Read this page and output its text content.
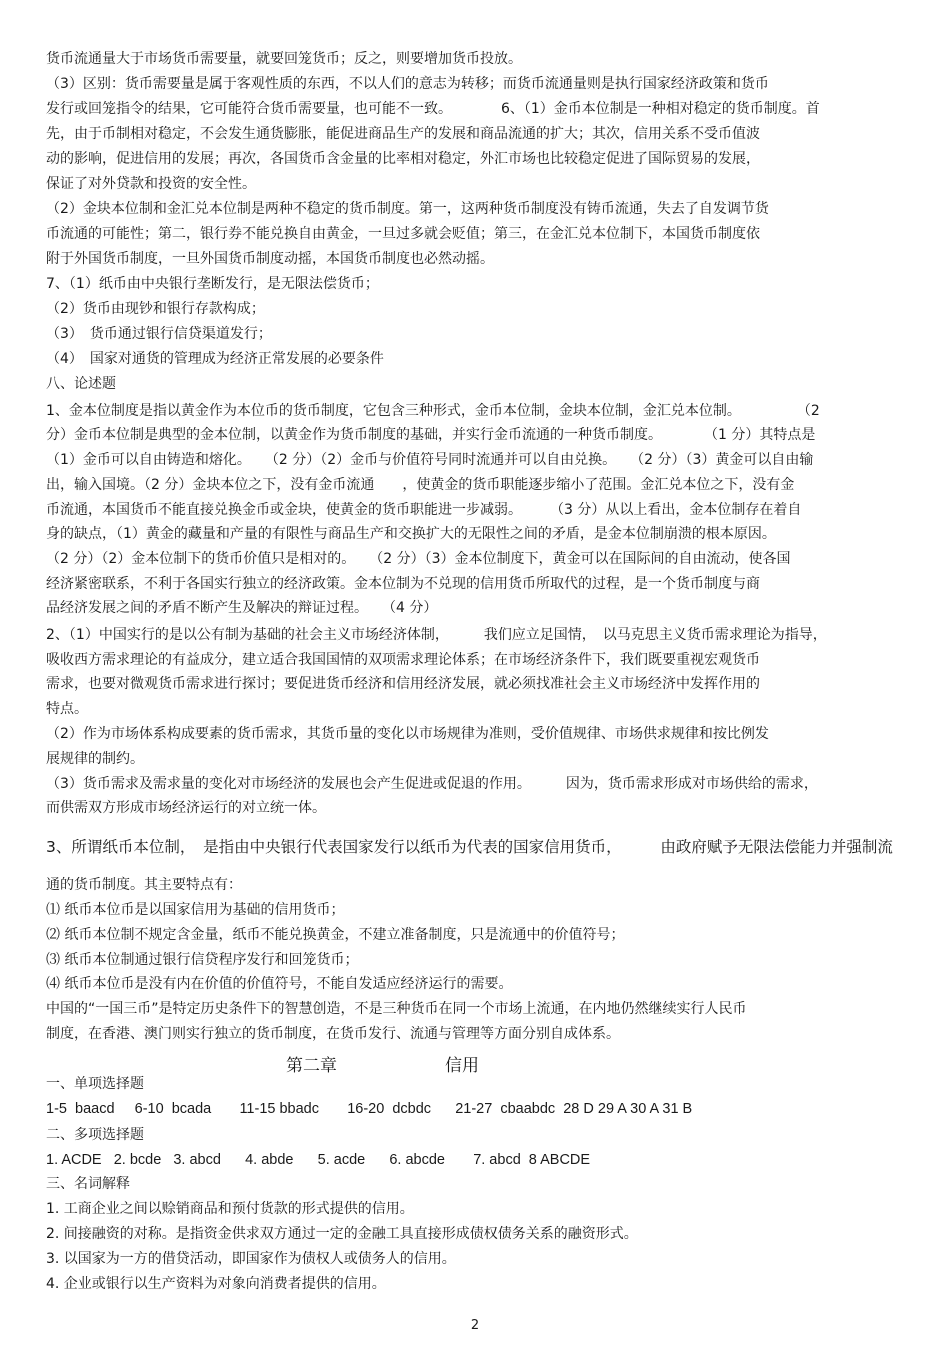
货币流通量大于市场货币需要量，就要回笼货币；反之，则要增加货币投放。
（3）区别：货币需要量是属于客观性质的东西，不以人们的意志为转移；而货币流通量则是执行国家经济政策和货币
发行或回笼指令的结果，它可能符合货币需要量，也可能不一致。　　　　6、（1）金币本位制是一种相对稳定的货币制度。首
先，由于币制相对稳定，不会发生通货膨胀，能促进商品生产的发展和商品流通的扩大；其次，信用关系不受币值波
动的影响，促进信用的发展；再次，各国货币含金量的比率相对稳定，外汇市场也比较稳定促进了国际贸易的发展，
保证了对外贷款和投资的安全性。
（2）金块本位制和金汇兑本位制是两种不稳定的货币制度。第一，这两种货币制度没有铸币流通，失去了自发调节货
币流通的可能性；第二，银行券不能兑换自由黄金，一旦过多就会贬值；第三，在金汇兑本位制下，本国货币制度依
附于外国货币制度，一旦外国货币制度动摇，本国货币制度也必然动摇。
7、（1）纸币由中央银行垄断发行，是无限法偿货币；
（2）货币由现钞和银行存款构成；
（3）　货币通过银行信贷渠道发行；
（4）　国家对通货的管理成为经济正常发展的必要条件
八、论述题
1、金本位制度是指以黄金作为本位币的货币制度，它包含三种形式，金币本位制，金块本位制，金汇兑本位制。　　　　　（2
分）金币本位制是典型的金本位制，以黄金作为货币制度的基础，并实行金币流通的一种货币制度。　　　　（1 分）其特点是
（1）金币可以自由铸造和熔化。　　（2 分）（2）金币与价值符号同时流通并可以自由兑换。　　（2 分）（3）黄金可以自由输
出，输入国境。（2 分）金块本位之下，没有金币流通　　，使黄金的货币职能逐步缩小了范围。金汇兑本位之下，没有金
币流通，本国货币不能直接兑换金币或金块，使黄金的货币职能进一步减弱。　　　（3 分）从以上看出，金本位制存在着自
身的缺点，（1）黄金的藏量和产量的有限性与商品生产和交换扩大的无限性之间的矛盾，是金本位制崩溃的根本原因。
（2 分）（2）金本位制下的货币价值只是相对的。　　（2 分）（3）金本位制度下，黄金可以在国际间的自由流动，使各国
经济紧密联系，不利于各国实行独立的经济政策。金本位制为不兑现的信用货币所取代的过程，是一个货币制度与商
品经济发展之间的矛盾不断产生及解决的辩证过程。　　（4 分）
2、（1）中国实行的是以公有制为基础的社会主义市场经济体制，　　　我们应立足国情，　以马克思主义货币需求理论为指导，
吸收西方需求理论的有益成分，建立适合我国国情的双项需求理论体系；在市场经济条件下，我们既要重视宏观货币
需求，也要对微观货币需求进行探讨；要促进货币经济和信用经济发展，就必须找准社会主义市场经济中发挥作用的
特点。
（2）作为市场体系构成要素的货币需求，其货币量的变化以市场规律为准则，受价值规律、市场供求规律和按比例发
展规律的制约。
（3）货币需求及需求量的变化对市场经济的发展也会产生促进或促退的作用。　　　因为，货币需求形成对市场供给的需求，
而供需双方形成市场经济运行的对立统一体。
3、所谓纸币本位制，　是指由中央银行代表国家发行以纸币为代表的国家信用货币，　　　由政府赋予无限法偿能力并强制流
通的货币制度。其主要特点有：
⑴ 纸币本位币是以国家信用为基础的信用货币；
⑵ 纸币本位制不规定含金量，纸币不能兑换黄金，不建立准备制度，只是流通中的价值符号；
⑶ 纸币本位制通过银行信贷程序发行和回笼货币；
⑷ 纸币本位币是没有内在价值的价值符号，不能自发适应经济运行的需要。
中国的“一国三币”是特定历史条件下的智慧创造，不是三种货币在同一个市场上流通，在内地仍然继续实行人民币
制度，在香港、澳门则实行独立的货币制度，在货币发行、流通与管理等方面分别自成体系。
第二章	信用
一、单项选择题
1-5  baacd     6-10  bcada       11-15 bbadc       16-20  dcbdc      21-27  cbaabdc  28 D 29 A 30 A 31 B
二、多项选择题
1. ACDE   2. bcde   3. abcd      4. abde      5. acde      6. abcde       7. abcd  8 ABCDE
三、名词解释
1. 工商企业之间以赊销商品和预付货款的形式提供的信用。
2. 间接融资的对称。是指资金供求双方通过一定的金融工具直接形成债权债务关系的融资形式。
3. 以国家为一方的借贷活动，即国家作为债权人或债务人的信用。
4. 企业或银行以生产资料为对象向消费者提供的信用。
2
